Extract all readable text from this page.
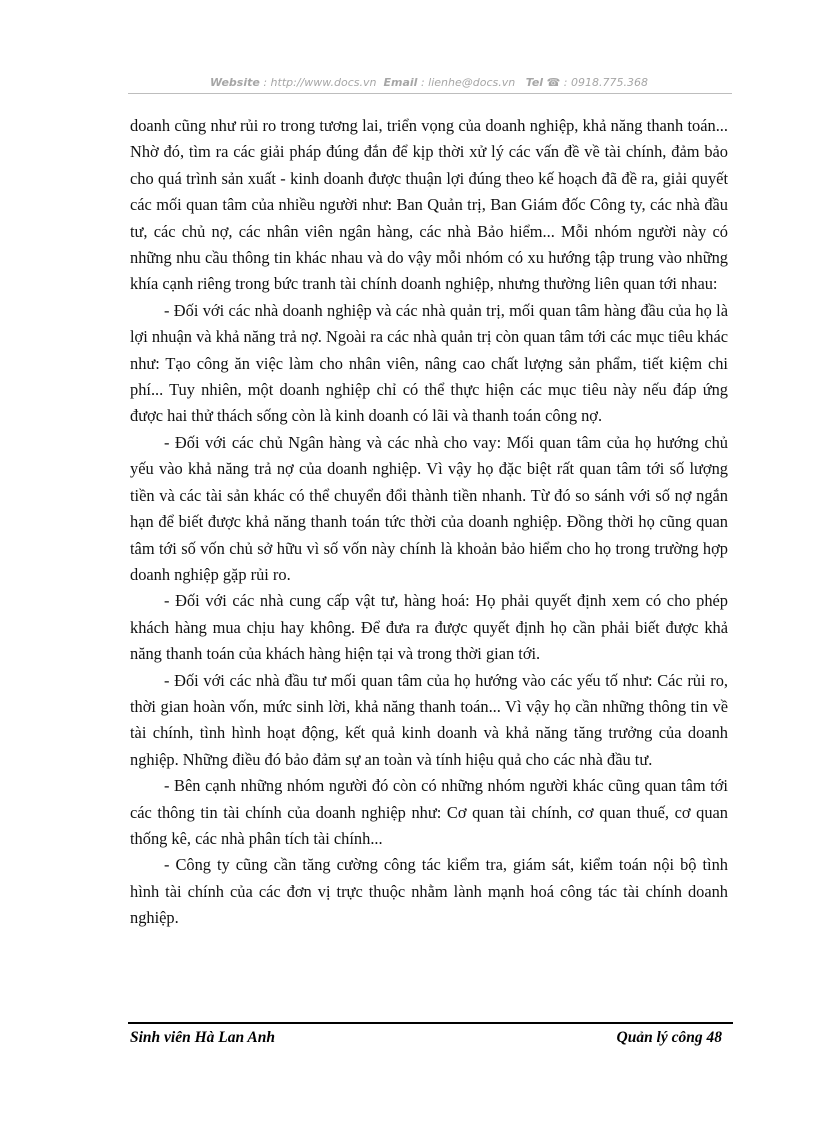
Website : http://www.docs.vn Email : lienhe@docs.vn Tel ☎ : 0918.775.368

doanh cũng như rủi ro trong tương lai, triển vọng của doanh nghiệp, khả năng thanh toán... Nhờ đó, tìm ra các giải pháp đúng đắn để kịp thời xử lý các vấn đề về tài chính, đảm bảo cho quá trình sản xuất - kinh doanh được thuận lợi đúng theo kế hoạch đã đề ra, giải quyết các mối quan tâm của nhiều người như: Ban Quản trị, Ban Giám đốc Công ty, các nhà đầu tư, các chủ nợ, các nhân viên ngân hàng, các nhà Bảo hiểm... Mỗi nhóm người này có những nhu cầu thông tin khác nhau và do vậy mỗi nhóm có xu hướng tập trung vào những khía cạnh riêng trong bức tranh tài chính doanh nghiệp, nhưng thường liên quan tới nhau:

- Đối với các nhà doanh nghiệp và các nhà quản trị, mối quan tâm hàng đầu của họ là lợi nhuận và khả năng trả nợ. Ngoài ra các nhà quản trị còn quan tâm tới các mục tiêu khác như: Tạo công ăn việc làm cho nhân viên, nâng cao chất lượng sản phẩm, tiết kiệm chi phí... Tuy nhiên, một doanh nghiệp chỉ có thể thực hiện các mục tiêu này nếu đáp ứng được hai thử thách sống còn là kinh doanh có lãi và thanh toán công nợ.

- Đối với các chủ Ngân hàng và các nhà cho vay: Mối quan tâm của họ hướng chủ yếu vào khả năng trả nợ của doanh nghiệp. Vì vậy họ đặc biệt rất quan tâm tới số lượng tiền và các tài sản khác có thể chuyển đổi thành tiền nhanh. Từ đó so sánh với số nợ ngắn hạn để biết được khả năng thanh toán tức thời của doanh nghiệp. Đồng thời họ cũng quan tâm tới số vốn chủ sở hữu vì số vốn này chính là khoản bảo hiểm cho họ trong trường hợp doanh nghiệp gặp rủi ro.

- Đối với các nhà cung cấp vật tư, hàng hoá: Họ phải quyết định xem có cho phép khách hàng mua chịu hay không. Để đưa ra được quyết định họ cần phải biết được khả năng thanh toán của khách hàng hiện tại và trong thời gian tới.

- Đối với các nhà đầu tư mối quan tâm của họ hướng vào các yếu tố như: Các rủi ro, thời gian hoàn vốn, mức sinh lời, khả năng thanh toán... Vì vậy họ cần những thông tin về tài chính, tình hình hoạt động, kết quả kinh doanh và khả năng tăng trưởng của doanh nghiệp. Những điều đó bảo đảm sự an toàn và tính hiệu quả cho các nhà đầu tư.

- Bên cạnh những nhóm người đó còn có những nhóm người khác cũng quan tâm tới các thông tin tài chính của doanh nghiệp như: Cơ quan tài chính, cơ quan thuế, cơ quan thống kê, các nhà phân tích tài chính...

- Công ty cũng cần tăng cường công tác kiểm tra, giám sát, kiểm toán nội bộ tình hình tài chính của các đơn vị trực thuộc nhằm lành mạnh hoá công tác tài chính doanh nghiệp.

Sinh viên Hà Lan Anh	Quản lý công 48
